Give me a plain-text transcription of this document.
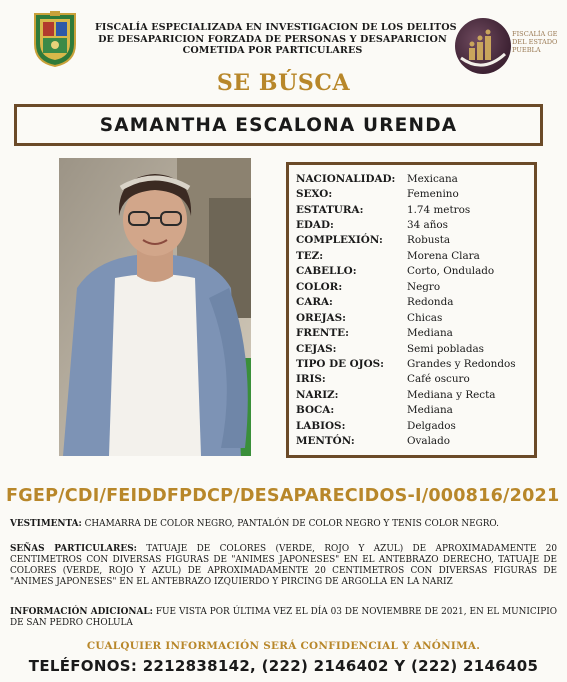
FISCALÍA ESPECIALIZADA EN INVESTIGACION DE LOS DELITOS
DE DESAPARICION FORZADA DE PERSONAS Y DESAPARICION
COMETIDA POR PARTICULARES
FISCALÍA GE
DEL ESTADO
PUEBLA
SE BÚSCA
SAMANTHA ESCALONA URENDA
NACIONALIDAD:	Mexicana
SEXO:	Femenino
ESTATURA:	1.74 metros
EDAD:	34 años
COMPLEXIÓN:	Robusta
TEZ:	Morena Clara
CABELLO:	Corto, Ondulado
COLOR:	Negro
CARA:	Redonda
OREJAS:	Chicas
FRENTE:	Mediana
CEJAS:	Semi pobladas
TIPO DE OJOS:	Grandes y Redondos
IRIS:	Café oscuro
NARIZ:	Mediana y Recta
BOCA:	Mediana
LABIOS:	Delgados
MENTÓN:	Ovalado
FGEP/CDI/FEIDDFPDCP/DESAPARECIDOS-I/000816/2021
VESTIMENTA: CHAMARRA DE COLOR NEGRO, PANTALÓN DE COLOR NEGRO Y TENIS COLOR NEGRO.
SEÑAS PARTICULARES: TATUAJE DE COLORES (VERDE, ROJO Y AZUL) DE APROXIMADAMENTE 20 CENTIMETROS CON DIVERSAS FIGURAS DE "ANIMES JAPONESES" EN EL ANTEBRAZO DERECHO, TATUAJE DE COLORES (VERDE, ROJO Y AZUL) DE APROXIMADAMENTE 20 CENTIMETROS CON DIVERSAS FIGURAS DE "ANIMES JAPONESES" EN EL ANTEBRAZO IZQUIERDO Y PIRCING DE ARGOLLA EN LA NARIZ
INFORMACIÓN ADICIONAL: FUE VISTA POR ÚLTIMA VEZ EL DÍA 03 DE NOVIEMBRE DE 2021, EN EL MUNICIPIO DE SAN PEDRO CHOLULA
CUALQUIER INFORMACIÓN SERÁ CONFIDENCIAL Y ANÓNIMA.
TELÉFONOS: 2212838142, (222) 2146402 Y (222) 2146405
